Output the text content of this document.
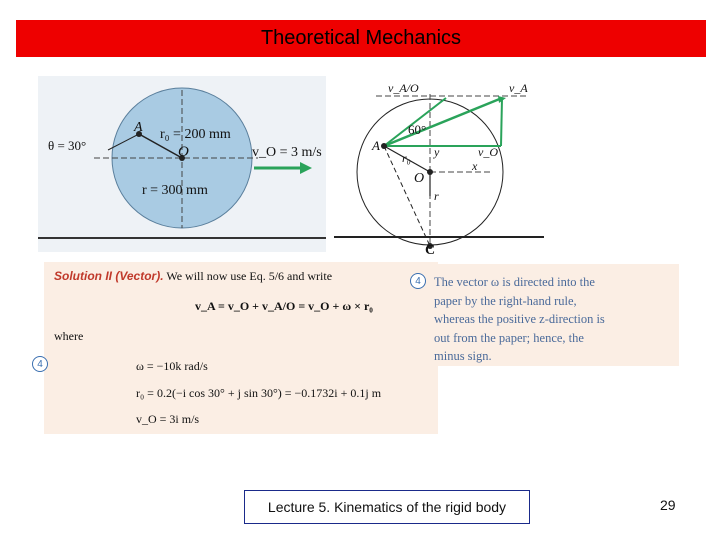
Theoretical Mechanics
θ = 30°
A r₀ = 200 mm
O	v_O = 3 m/s
r = 300 mm
v_A/O	v_A
60°
A
r₀ y	v_O
O
x
r
C
Solution II (Vector). We will now use Eq. 5/6 and write
v_A = v_O + v_A/O = v_O + ω × r₀
where
4	ω = −10k rad/s
r₀ = 0.2(−i cos 30° + j sin 30°) = −0.1732i + 0.1j m
v_O = 3i m/s
4 The vector ω is directed into the
paper by the right-hand rule,
whereas the positive z-direction is
out from the paper; hence, the
minus sign.
Lecture 5. Kinematics of the rigid body	29
